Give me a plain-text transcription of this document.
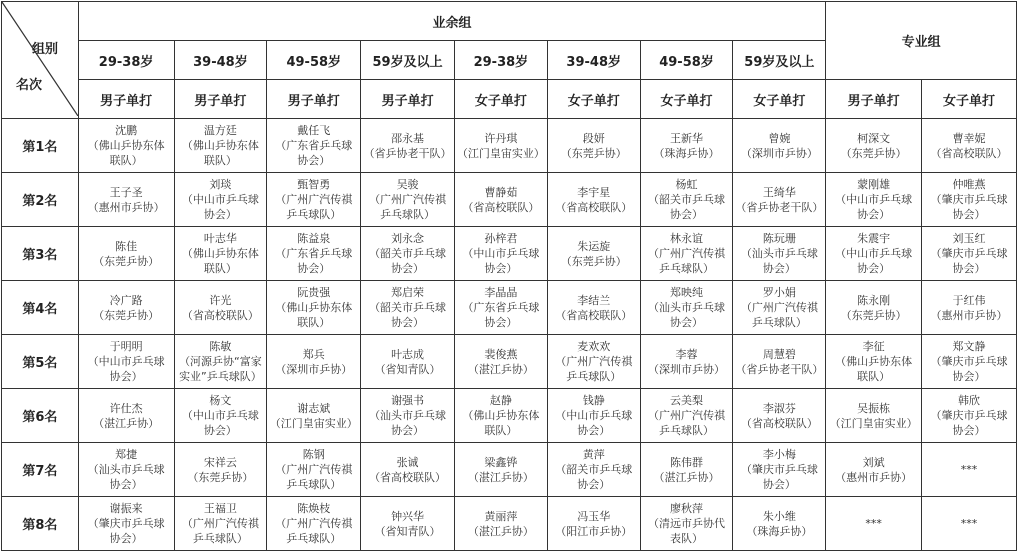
组别
名次	业余组								专业组	
	29-38岁	39-48岁	49-58岁	59岁及以上	29-38岁	39-48岁	49-58岁	59岁及以上		
	男子单打	男子单打	男子单打	男子单打	女子单打	女子单打	女子单打	女子单打	男子单打	女子单打
第1名	沈鹏
（佛山乒协东体
联队）	温方廷
（佛山乒协东体
联队）	戴任飞
（广东省乒乓球
协会）	邵永基
（省乒协老干队）	许丹琪
（江门皇宙实业）	段妍
（东莞乒协）	王新华
（珠海乒协）	曾婉
（深圳市乒协）	柯深文
（东莞乒协）	曹幸妮
（省高校联队）

第2名	王子圣
（惠州市乒协）	刘琰
（中山市乒乓球
协会）	甄智勇
（广州广汽传祺
乒乓球队）	吴骏
（广州广汽传祺
乒乓球队）	曹静茹
（省高校联队）	李宇星
（省高校联队）	杨虹
（韶关市乒乓球
协会）	王绮华
（省乒协老干队）	蒙刚雄
（中山市乒乓球
协会）	仲唯燕
（肇庆市乒乓球
协会）

第3名	陈佳
（东莞乒协）	叶志华
（佛山乒协东体
联队）	陈益泉
（广东省乒乓球
协会）	刘永念
（韶关市乒乓球
协会）	孙梓君
（中山市乒乓球
协会）	朱运旋
（东莞乒协）	林永谊
（广州广汽传祺
乒乓球队）	陈玩珊
（汕头市乒乓球
协会）	朱震宇
（中山市乒乓球
协会）	刘玉红
（肇庆市乒乓球
协会）

第4名	冷广路
（东莞乒协）	许光
（省高校联队）	阮贵强
（佛山乒协东体
联队）	郑启荣
（韶关市乒乓球
协会）	李晶晶
（广东省乒乓球
协会）	李结兰
（省高校联队）	郑映纯
（汕头市乒乓球
协会）	罗小娟
（广州广汽传祺
乒乓球队）	陈永刚
（东莞乒协）	于红伟
（惠州市乒协）

第5名	于明明
（中山市乒乓球
协会）	陈敏
（河源乒协“富家
实业”乒乓球队）	郑兵
（深圳市乒协）	叶志成
（省知青队）	裴俊燕
（湛江乒协）	麦欢欢
（广州广汽传祺
乒乓球队）	李蓉
（深圳市乒协）	周慧碧
（省乒协老干队）	李征
（佛山乒协东体
联队）	郑文静
（肇庆市乒乓球
协会）

第6名	许仕杰
（湛江乒协）	杨文
（中山市乒乓球
协会）	谢志斌
（江门皇宙实业）	谢强书
（汕头市乒乓球
协会）	赵静
（佛山乒协东体
联队）	钱静
（中山市乒乓球
协会）	云美梨
（广州广汽传祺
乒乓球队）	李淑芬
（省高校联队）	吴振栋
（江门皇宙实业）	韩欣
（肇庆市乒乓球
协会）

第7名	郑捷
（汕头市乒乓球
协会）	宋祥云
（东莞乒协）	陈钢
（广州广汽传祺
乒乓球队）	张诚
（省高校联队）	梁鑫铧
（湛江乒协）	黄萍
（韶关市乒乓球
协会）	陈伟群
（湛江乒协）	李小梅
（肇庆市乒乓球
协会）	刘斌
（惠州市乒协）	***

第8名	谢振来
（肇庆市乒乓球
协会）	王福卫
（广州广汽传祺
乒乓球队）	陈焕枝
（广州广汽传祺
乒乓球队）	钟兴华
（省知青队）	黄丽萍
（湛江乒协）	冯玉华
（阳江市乒协）	廖秋萍
（清远市乒协代
表队）	朱小维
（珠海乒协）	***	***
